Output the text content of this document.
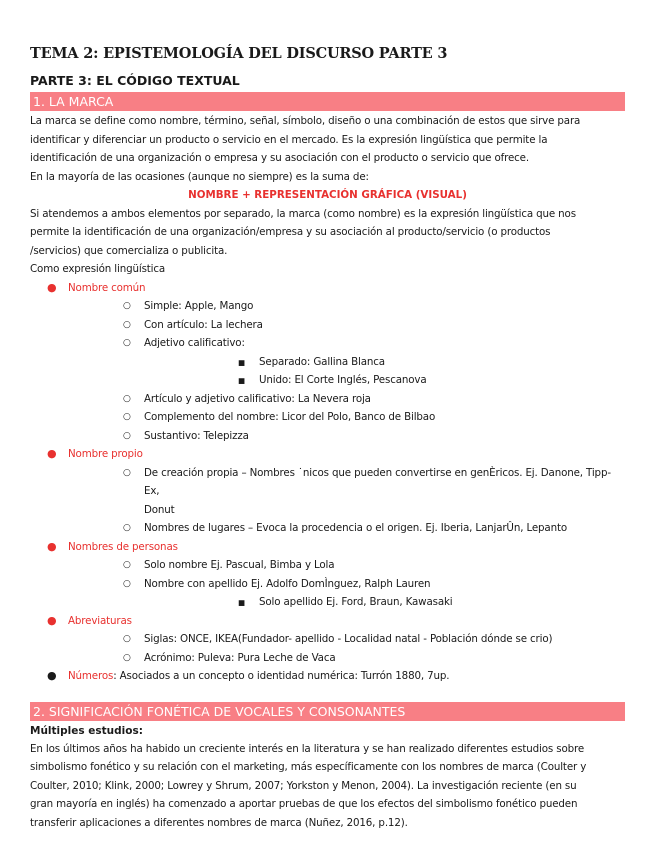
TEMA 2: EPISTEMOLOGÍA DEL DISCURSO PARTE 3
PARTE 3: EL CÓDIGO TEXTUAL
1. LA MARCA

La marca se define como nombre, término, señal, símbolo, diseño o una combinación de estos que sirve para

identificar y diferenciar un producto o servicio en el mercado. Es la expresión lingüística que permite la

identificación de una organización o empresa y su asociación con el producto o servicio que ofrece.

En la mayoría de las ocasiones (aunque no siempre) es la suma de:

NOMBRE + REPRESENTACIÓN GRÁFICA (VISUAL)

Si atendemos a ambos elementos por separado, la marca (como nombre) es la expresión lingüística que nos

permite la identificación de una organización/empresa y su asociación al producto/servicio (o productos

/servicios) que comercializa o publicita.

Como expresión lingüística

● Nombre común
○ Simple: Apple, Mango
○ Con artículo: La lechera
○ Adjetivo calificativo:
■ Separado: Gallina Blanca
■ Unido: El Corte Inglés, Pescanova
○ Artículo y adjetivo calificativo: La Nevera roja
○ Complemento del nombre: Licor del Polo, Banco de Bilbao
○ Sustantivo: Telepizza
● Nombre propio
○ De creación propia – Nombres ˙nicos que pueden convertirse en genÈricos. Ej. Danone, Tipp-Ex,
Donut
○ Nombres de lugares – Evoca la procedencia o el origen. Ej. Iberia, LanjarÛn, Lepanto
● Nombres de personas
○ Solo nombre Ej. Pascual, Bimba y Lola
○ Nombre con apellido Ej. Adolfo DomÌnguez, Ralph Lauren
■ Solo apellido Ej. Ford, Braun, Kawasaki
● Abreviaturas
○ Siglas: ONCE, IKEA(Fundador- apellido - Localidad natal - Población dónde se crio)
○ Acrónimo: Puleva: Pura Leche de Vaca
● Números: Asociados a un concepto o identidad numérica: Turrón 1880, 7up.
2. SIGNIFICACIÓN FONÉTICA DE VOCALES Y CONSONANTES

Múltiples estudios:

En los últimos años ha habido un creciente interés en la literatura y se han realizado diferentes estudios sobre

simbolismo fonético y su relación con el marketing, más específicamente con los nombres de marca (Coulter y

Coulter, 2010; Klink, 2000; Lowrey y Shrum, 2007; Yorkston y Menon, 2004). La investigación reciente (en su

gran mayoría en inglés) ha comenzado a aportar pruebas de que los efectos del simbolismo fonético pueden

transferir aplicaciones a diferentes nombres de marca (Nuñez, 2016, p.12).
